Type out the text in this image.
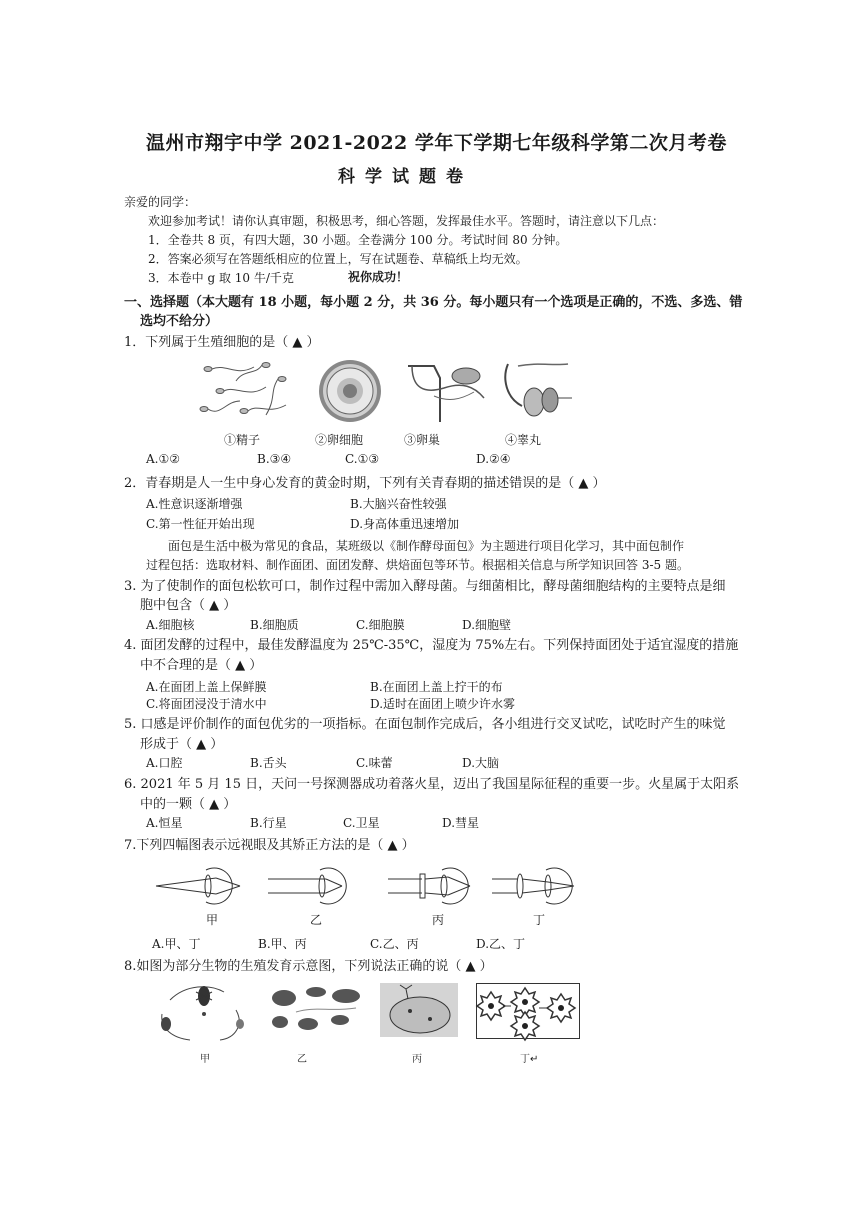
温州市翔宇中学 2021-2022 学年下学期七年级科学第二次月考卷
科学试题卷
亲爱的同学：
欢迎参加考试！请你认真审题，积极思考，细心答题，发挥最佳水平。答题时，请注意以下几点：
1．全卷共 8 页，有四大题，30 小题。全卷满分 100 分。考试时间 80 分钟。
2．答案必须写在答题纸相应的位置上，写在试题卷、草稿纸上均无效。
3．本卷中 g 取 10 牛/千克	祝你成功！
一、选择题（本大题有 18 小题，每小题 2 分，共 36 分。每小题只有一个选项是正确的，不选、多选、错
选均不给分）
1．下列属于生殖细胞的是（ ▲ ）
①精子	②卵细胞	③卵巢	④睾丸
A.①②	B.③④	C.①③	D.②④
2．青春期是人一生中身心发育的黄金时期，下列有关青春期的描述错误的是（ ▲ ）
A.性意识逐渐增强	B.大脑兴奋性较强
C.第一性征开始出现	D.身高体重迅速增加
面包是生活中极为常见的食品，某班级以《制作酵母面包》为主题进行项目化学习，其中面包制作
过程包括：选取材料、制作面团、面团发酵、烘焙面包等环节。根据相关信息与所学知识回答 3-5 题。
3. 为了使制作的面包松软可口，制作过程中需加入酵母菌。与细菌相比，酵母菌细胞结构的主要特点是细
胞中包含（ ▲ ）
A.细胞核	B.细胞质	C.细胞膜	D.细胞壁
4. 面团发酵的过程中，最佳发酵温度为 25℃-35℃，湿度为 75%左右。下列保持面团处于适宜湿度的措施
中不合理的是（ ▲ ）
A.在面团上盖上保鲜膜	B.在面团上盖上拧干的布
C.将面团浸没于清水中	D.适时在面团上喷少许水雾
5. 口感是评价制作的面包优劣的一项指标。在面包制作完成后，各小组进行交叉试吃，试吃时产生的味觉
形成于（ ▲ ）
A.口腔	B.舌头	C.味蕾	D.大脑
6. 2021 年 5 月 15 日，天问一号探测器成功着落火星，迈出了我国星际征程的重要一步。火星属于太阳系
中的一颗（ ▲ ）
A.恒星	B.行星	C.卫星	D.彗星
7.下列四幅图表示远视眼及其矫正方法的是（ ▲ ）
甲	乙	丙	丁
A.甲、丁	B.甲、丙	C.乙、丙	D.乙、丁
8.如图为部分生物的生殖发育示意图，下列说法正确的说（ ▲ ）
甲	乙	丙	丁↵
